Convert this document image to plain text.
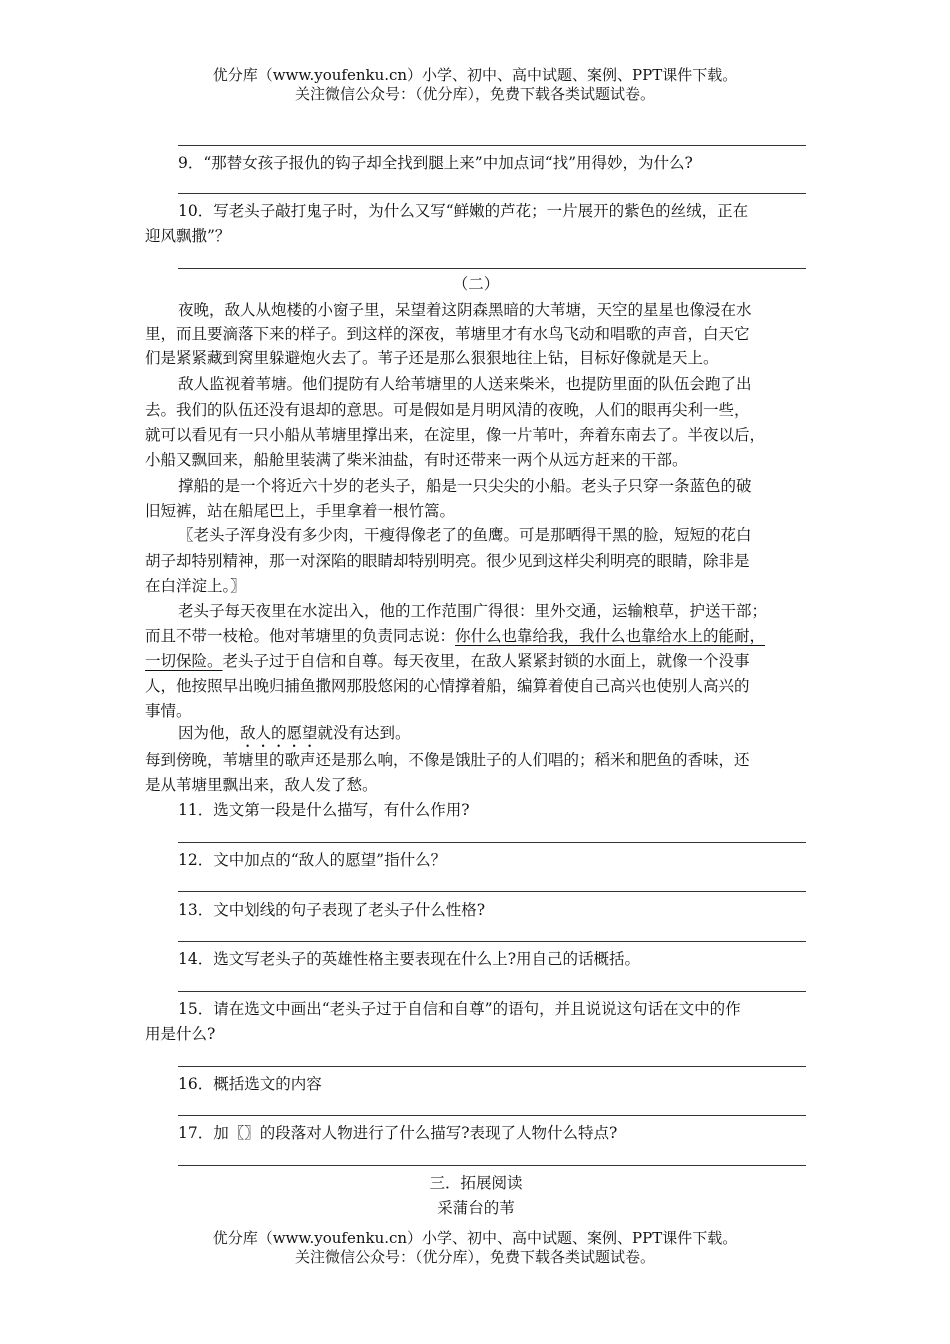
优分库（www.youfenku.cn）小学、初中、高中试题、案例、PPT课件下载。
关注微信公众号：（优分库），免费下载各类试题试卷。
9．“那替女孩子报仇的钩子却全找到腿上来”中加点词“找”用得妙，为什么?
10．写老头子敲打鬼子时，为什么又写“鲜嫩的芦花；一片展开的紫色的丝绒，正在
迎风飘撒”？
（二）
夜晚，敌人从炮楼的小窗子里，呆望着这阴森黑暗的大苇塘，天空的星星也像浸在水
里，而且要滴落下来的样子。到这样的深夜，苇塘里才有水鸟飞动和唱歌的声音，白天它
们是紧紧藏到窝里躲避炮火去了。苇子还是那么狠狠地往上钻，目标好像就是天上。
敌人监视着苇塘。他们提防有人给苇塘里的人送来柴米，也提防里面的队伍会跑了出
去。我们的队伍还没有退却的意思。可是假如是月明风清的夜晚，人们的眼再尖利一些，
就可以看见有一只小船从苇塘里撑出来，在淀里，像一片苇叶，奔着东南去了。半夜以后，
小船又飘回来，船舱里装满了柴米油盐，有时还带来一两个从远方赶来的干部。
撑船的是一个将近六十岁的老头子，船是一只尖尖的小船。老头子只穿一条蓝色的破
旧短裤，站在船尾巴上，手里拿着一根竹篙。
〖老头子浑身没有多少肉，干瘦得像老了的鱼鹰。可是那晒得干黑的脸，短短的花白
胡子却特别精神，那一对深陷的眼睛却特别明亮。很少见到这样尖利明亮的眼睛，除非是
在白洋淀上。〗
老头子每天夜里在水淀出入，他的工作范围广得很：里外交通，运输粮草，护送干部；
而且不带一枝枪。他对苇塘里的负责同志说：你什么也靠给我，我什么也靠给水上的能耐，
一切保险。老头子过于自信和自尊。每天夜里，在敌人紧紧封锁的水面上，就像一个没事
人，他按照早出晚归捕鱼撒网那股悠闲的心情撑着船，编算着使自己高兴也使别人高兴的
事情。
因为他，敌人的愿望就没有达到。
每到傍晚，苇塘里的歌声还是那么响，不像是饿肚子的人们唱的；稻米和肥鱼的香味，还
是从苇塘里飘出来，敌人发了愁。
11．选文第一段是什么描写，有什么作用?
12．文中加点的“敌人的愿望”指什么？
13．文中划线的句子表现了老头子什么性格?
14．选文写老头子的英雄性格主要表现在什么上?用自己的话概括。
15．请在选文中画出“老头子过于自信和自尊”的语句，并且说说这句话在文中的作
用是什么?
16．概括选文的内容
17．加〖〗的段落对人物进行了什么描写?表现了人物什么特点?
三．拓展阅读
采蒲台的苇
优分库（www.youfenku.cn）小学、初中、高中试题、案例、PPT课件下载。
关注微信公众号：（优分库），免费下载各类试题试卷。
